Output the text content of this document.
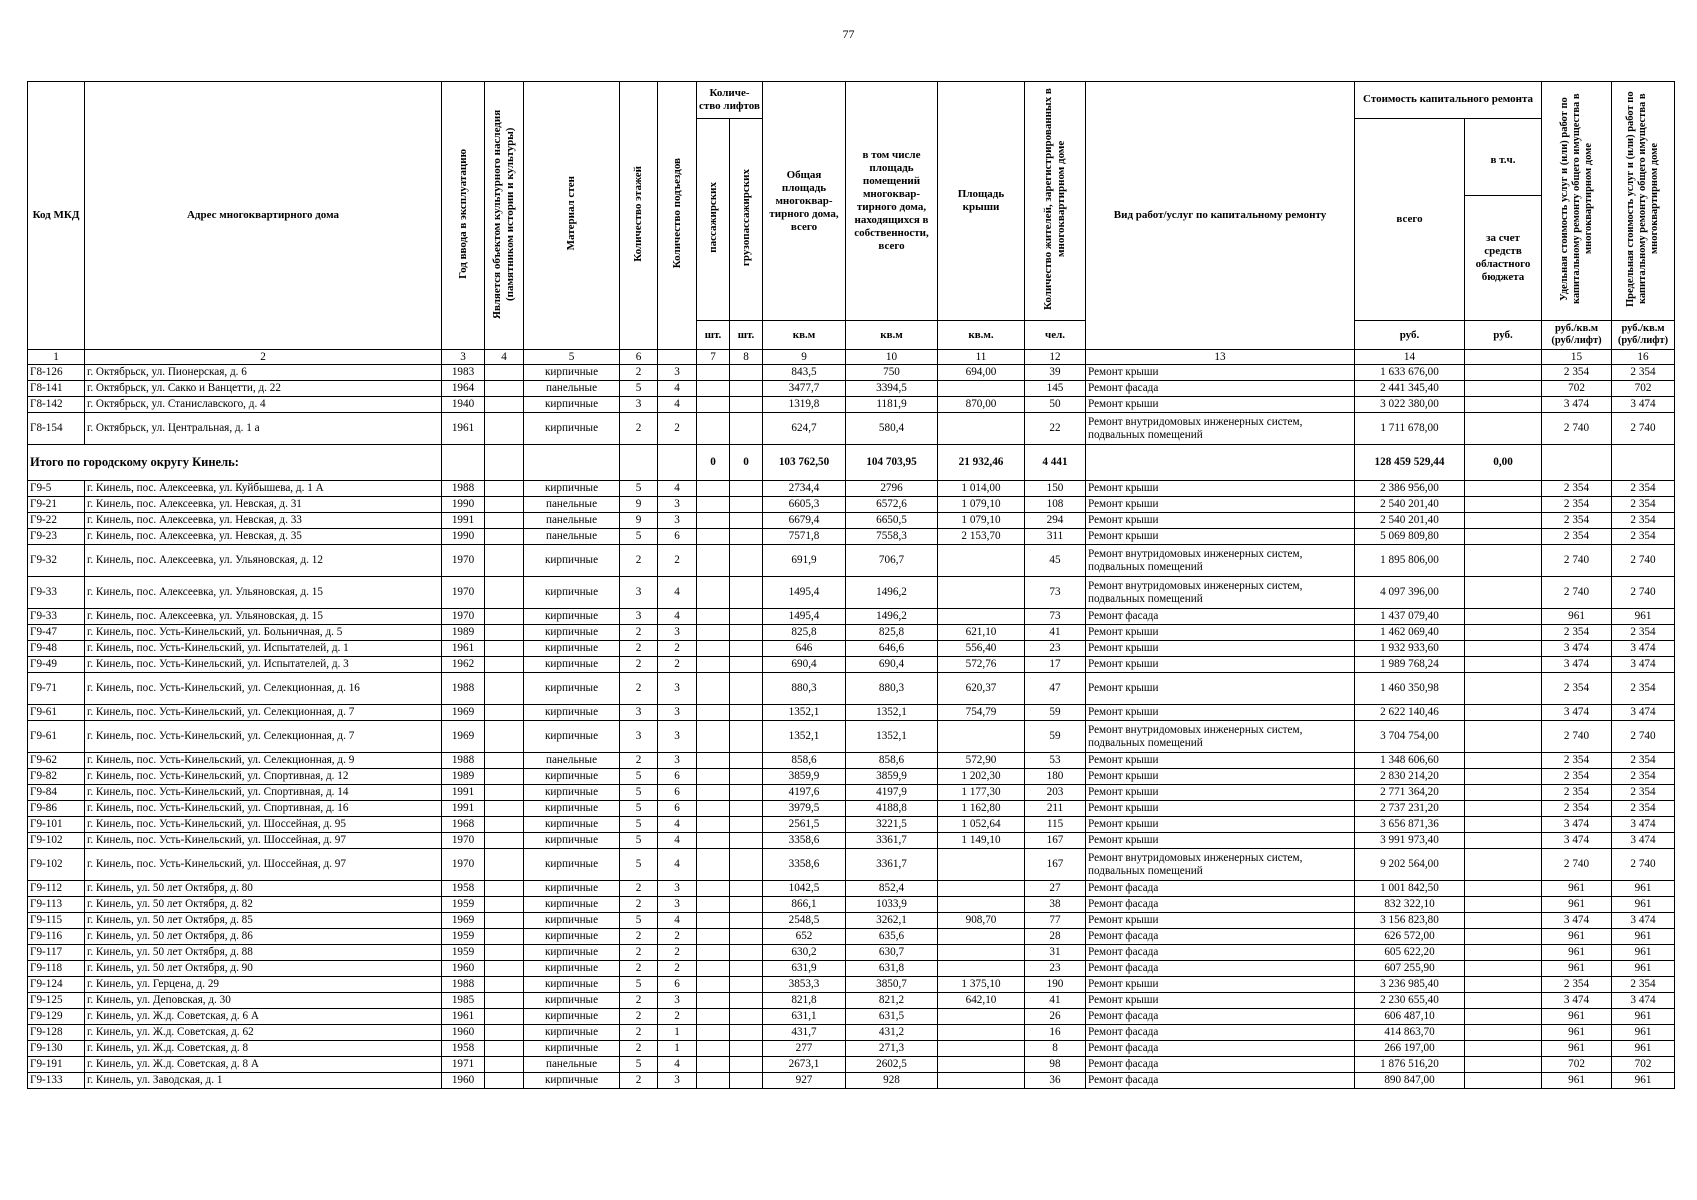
77
Код МКД	Адрес многоквартирного дома	Год ввода в эксплуатацию	Является объектом культурного наследия (памятником истории и культуры)	Материал стен	Количество этажей	Количество подъездов	Количе-ство лифтов		Общая площадь многоквар-тирного дома, всего	в том числе площадь помещений многоквар-тирного дома, находящихся в собственности, всего	Площадь крыши	Количество жителей, зарегистрированных в многоквартирном доме	Вид работ/услуг по капитальному ремонту	Стоимость капитального ремонта		Удельная стоимость услуг и (или) работ по капитальному ремонту общего имущества в многоквартирном доме	Предельная стоимость услуг и (или) работ по капитальному ремонту общего имущества в многоквартирном доме
							пассажирских	грузопассажирских						всего	в т.ч.
за счет средств областного бюджета		

							шт.	шт.	кв.м	кв.м	кв.м.	чел.		руб.	руб.	руб./кв.м (руб/лифт)	руб./кв.м (руб/лифт)
1	2	3	4	5	6		7	8	9	10	11	12	13	14		15	16
Г8-126	г. Октябрьск, ул. Пионерская, д. 6	1983		кирпичные	2	3			843,5	750	694,00	39	Ремонт крыши	1 633 676,00		2 354	2 354
Г8-141	г. Октябрьск, ул. Сакко и Ванцетти, д. 22	1964		панельные	5	4			3477,7	3394,5		145	Ремонт фасада	2 441 345,40		702	702
Г8-142	г. Октябрьск, ул. Станиславского, д. 4	1940		кирпичные	3	4			1319,8	1181,9	870,00	50	Ремонт крыши	3 022 380,00		3 474	3 474
Г8-154	г. Октябрьск, ул. Центральная, д. 1 а	1961		кирпичные	2	2			624,7	580,4		22	Ремонт внутридомовых инженерных систем, подвальных помещений	1 711 678,00		2 740	2 740
Итого по городскому округу Кинель:							0	0	103 762,50	104 703,95	21 932,46	4 441		128 459 529,44	0,00		
Г9-5	г. Кинель, пос. Алексеевка, ул. Куйбышева, д. 1 А	1988		кирпичные	5	4			2734,4	2796	1 014,00	150	Ремонт крыши	2 386 956,00		2 354	2 354
Г9-21	г. Кинель, пос. Алексеевка, ул. Невская, д. 31	1990		панельные	9	3			6605,3	6572,6	1 079,10	108	Ремонт крыши	2 540 201,40		2 354	2 354
Г9-22	г. Кинель, пос. Алексеевка, ул. Невская, д. 33	1991		панельные	9	3			6679,4	6650,5	1 079,10	294	Ремонт крыши	2 540 201,40		2 354	2 354
Г9-23	г. Кинель, пос. Алексеевка, ул. Невская, д. 35	1990		панельные	5	6			7571,8	7558,3	2 153,70	311	Ремонт крыши	5 069 809,80		2 354	2 354
Г9-32	г. Кинель, пос. Алексеевка, ул. Ульяновская, д. 12	1970		кирпичные	2	2			691,9	706,7		45	Ремонт внутридомовых инженерных систем, подвальных помещений	1 895 806,00		2 740	2 740
Г9-33	г. Кинель, пос. Алексеевка, ул. Ульяновская, д. 15	1970		кирпичные	3	4			1495,4	1496,2		73	Ремонт внутридомовых инженерных систем, подвальных помещений	4 097 396,00		2 740	2 740
Г9-33	г. Кинель, пос. Алексеевка, ул. Ульяновская, д. 15	1970		кирпичные	3	4			1495,4	1496,2		73	Ремонт фасада	1 437 079,40		961	961
Г9-47	г. Кинель, пос. Усть-Кинельский, ул. Больничная, д. 5	1989		кирпичные	2	3			825,8	825,8	621,10	41	Ремонт крыши	1 462 069,40		2 354	2 354
Г9-48	г. Кинель, пос. Усть-Кинельский, ул. Испытателей, д. 1	1961		кирпичные	2	2			646	646,6	556,40	23	Ремонт крыши	1 932 933,60		3 474	3 474
Г9-49	г. Кинель, пос. Усть-Кинельский, ул. Испытателей, д. 3	1962		кирпичные	2	2			690,4	690,4	572,76	17	Ремонт крыши	1 989 768,24		3 474	3 474
Г9-71	г. Кинель, пос. Усть-Кинельский, ул. Селекционная, д. 16	1988		кирпичные	2	3			880,3	880,3	620,37	47	Ремонт крыши	1 460 350,98		2 354	2 354
Г9-61	г. Кинель, пос. Усть-Кинельский, ул. Селекционная, д. 7	1969		кирпичные	3	3			1352,1	1352,1	754,79	59	Ремонт крыши	2 622 140,46		3 474	3 474
Г9-61	г. Кинель, пос. Усть-Кинельский, ул. Селекционная, д. 7	1969		кирпичные	3	3			1352,1	1352,1		59	Ремонт внутридомовых инженерных систем, подвальных помещений	3 704 754,00		2 740	2 740
Г9-62	г. Кинель, пос. Усть-Кинельский, ул. Селекционная, д. 9	1988		панельные	2	3			858,6	858,6	572,90	53	Ремонт крыши	1 348 606,60		2 354	2 354
Г9-82	г. Кинель, пос. Усть-Кинельский, ул. Спортивная, д. 12	1989		кирпичные	5	6			3859,9	3859,9	1 202,30	180	Ремонт крыши	2 830 214,20		2 354	2 354
Г9-84	г. Кинель, пос. Усть-Кинельский, ул. Спортивная, д. 14	1991		кирпичные	5	6			4197,6	4197,9	1 177,30	203	Ремонт крыши	2 771 364,20		2 354	2 354
Г9-86	г. Кинель, пос. Усть-Кинельский, ул. Спортивная, д. 16	1991		кирпичные	5	6			3979,5	4188,8	1 162,80	211	Ремонт крыши	2 737 231,20		2 354	2 354
Г9-101	г. Кинель, пос. Усть-Кинельский, ул. Шоссейная, д. 95	1968		кирпичные	5	4			2561,5	3221,5	1 052,64	115	Ремонт крыши	3 656 871,36		3 474	3 474
Г9-102	г. Кинель, пос. Усть-Кинельский, ул. Шоссейная, д. 97	1970		кирпичные	5	4			3358,6	3361,7	1 149,10	167	Ремонт крыши	3 991 973,40		3 474	3 474
Г9-102	г. Кинель, пос. Усть-Кинельский, ул. Шоссейная, д. 97	1970		кирпичные	5	4			3358,6	3361,7		167	Ремонт внутридомовых инженерных систем, подвальных помещений	9 202 564,00		2 740	2 740
Г9-112	г. Кинель, ул. 50 лет Октября, д. 80	1958		кирпичные	2	3			1042,5	852,4		27	Ремонт фасада	1 001 842,50		961	961
Г9-113	г. Кинель, ул. 50 лет Октября, д. 82	1959		кирпичные	2	3			866,1	1033,9		38	Ремонт фасада	832 322,10		961	961
Г9-115	г. Кинель, ул. 50 лет Октября, д. 85	1969		кирпичные	5	4			2548,5	3262,1	908,70	77	Ремонт крыши	3 156 823,80		3 474	3 474
Г9-116	г. Кинель, ул. 50 лет Октября, д. 86	1959		кирпичные	2	2			652	635,6		28	Ремонт фасада	626 572,00		961	961
Г9-117	г. Кинель, ул. 50 лет Октября, д. 88	1959		кирпичные	2	2			630,2	630,7		31	Ремонт фасада	605 622,20		961	961
Г9-118	г. Кинель, ул. 50 лет Октября, д. 90	1960		кирпичные	2	2			631,9	631,8		23	Ремонт фасада	607 255,90		961	961
Г9-124	г. Кинель, ул. Герцена, д. 29	1988		кирпичные	5	6			3853,3	3850,7	1 375,10	190	Ремонт крыши	3 236 985,40		2 354	2 354
Г9-125	г. Кинель, ул. Деповская, д. 30	1985		кирпичные	2	3			821,8	821,2	642,10	41	Ремонт крыши	2 230 655,40		3 474	3 474
Г9-129	г. Кинель, ул. Ж.д. Советская, д. 6 А	1961		кирпичные	2	2			631,1	631,5		26	Ремонт фасада	606 487,10		961	961
Г9-128	г. Кинель, ул. Ж.д. Советская, д. 62	1960		кирпичные	2	1			431,7	431,2		16	Ремонт фасада	414 863,70		961	961
Г9-130	г. Кинель, ул. Ж.д. Советская, д. 8	1958		кирпичные	2	1			277	271,3		8	Ремонт фасада	266 197,00		961	961
Г9-191	г. Кинель, ул. Ж.д. Советская, д. 8 А	1971		панельные	5	4			2673,1	2602,5		98	Ремонт фасада	1 876 516,20		702	702
Г9-133	г. Кинель, ул. Заводская, д. 1	1960		кирпичные	2	3			927	928		36	Ремонт фасада	890 847,00		961	961
